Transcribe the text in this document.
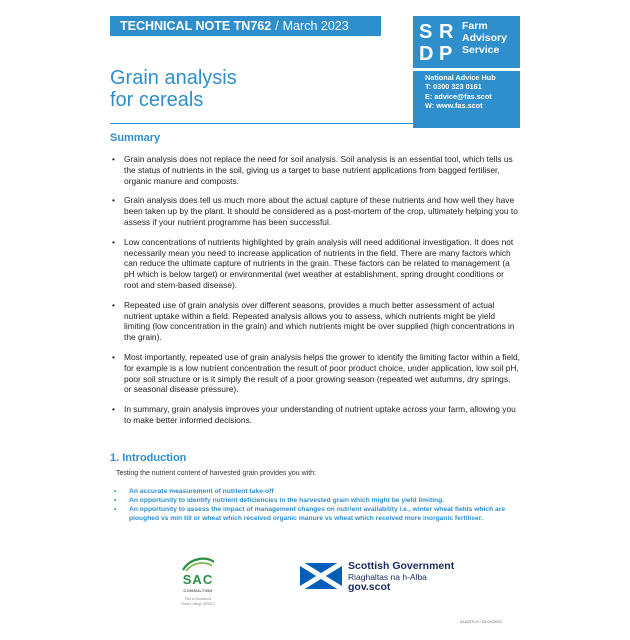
TECHNICAL NOTE TN762 / March 2023	S R
D P
Farm
Advisory
Service
National Advice Hub
T: 0300 323 0161
E: advice@fas.scot
W: www.fas.scot
Grain analysis
for cereals
Summary
• Grain analysis does not replace the need for soil analysis. Soil analysis is an essential tool, which tells us the status of nutrients in the soil, giving us a target to base nutrient applications from bagged fertiliser, organic manure and composts.
• Grain analysis does tell us much more about the actual capture of these nutrients and how well they have been taken up by the plant. It should be considered as a post-mortem of the crop, ultimately helping you to assess if your nutrient programme has been successful.
• Low concentrations of nutrients highlighted by grain analysis will need additional investigation. It does not necessarily mean you need to increase application of nutrients in the field. There are many factors which can reduce the ultimate capture of nutrients in the grain. These factors can be related to management (a pH which is below target) or environmental (wet weather at establishment, spring drought conditions or root and stem-based disease).
• Repeated use of grain analysis over different seasons, provides a much better assessment of actual nutrient uptake within a field. Repeated analysis allows you to assess, which nutrients might be yield limiting (low concentration in the grain) and which nutrients might be over supplied (high concentrations in the grain).
• Most importantly, repeated use of grain analysis helps the grower to identify the limiting factor within a field, for example is a low nutrient concentration the result of poor product choice, under application, low soil pH, poor soil structure or is it simply the result of a poor growing season (repeated wet autumns, dry springs, or seasonal disease pressure).
• In summary, grain analysis improves your understanding of nutrient uptake across your farm, allowing you to make better informed decisions.
1. Introduction
Testing the nutrient content of harvested grain provides you with:
• An accurate measurement of nutrient take-off
• An opportunity to identify nutrient deficiencies in the harvested grain which might be yield limiting.
• An opportunity to assess the impact of management changes on nutrient availability i.e., winter wheat fields which are ploughed vs min till or wheat which received organic manure vs wheat which received more inorganic fertiliser.
SAC
CONSULTING
Part of Scotland's
Rural College (SRUC)
Scottish Government
Riaghaltas na h-Alba
gov.scot
014237LH / 03.04.2023
